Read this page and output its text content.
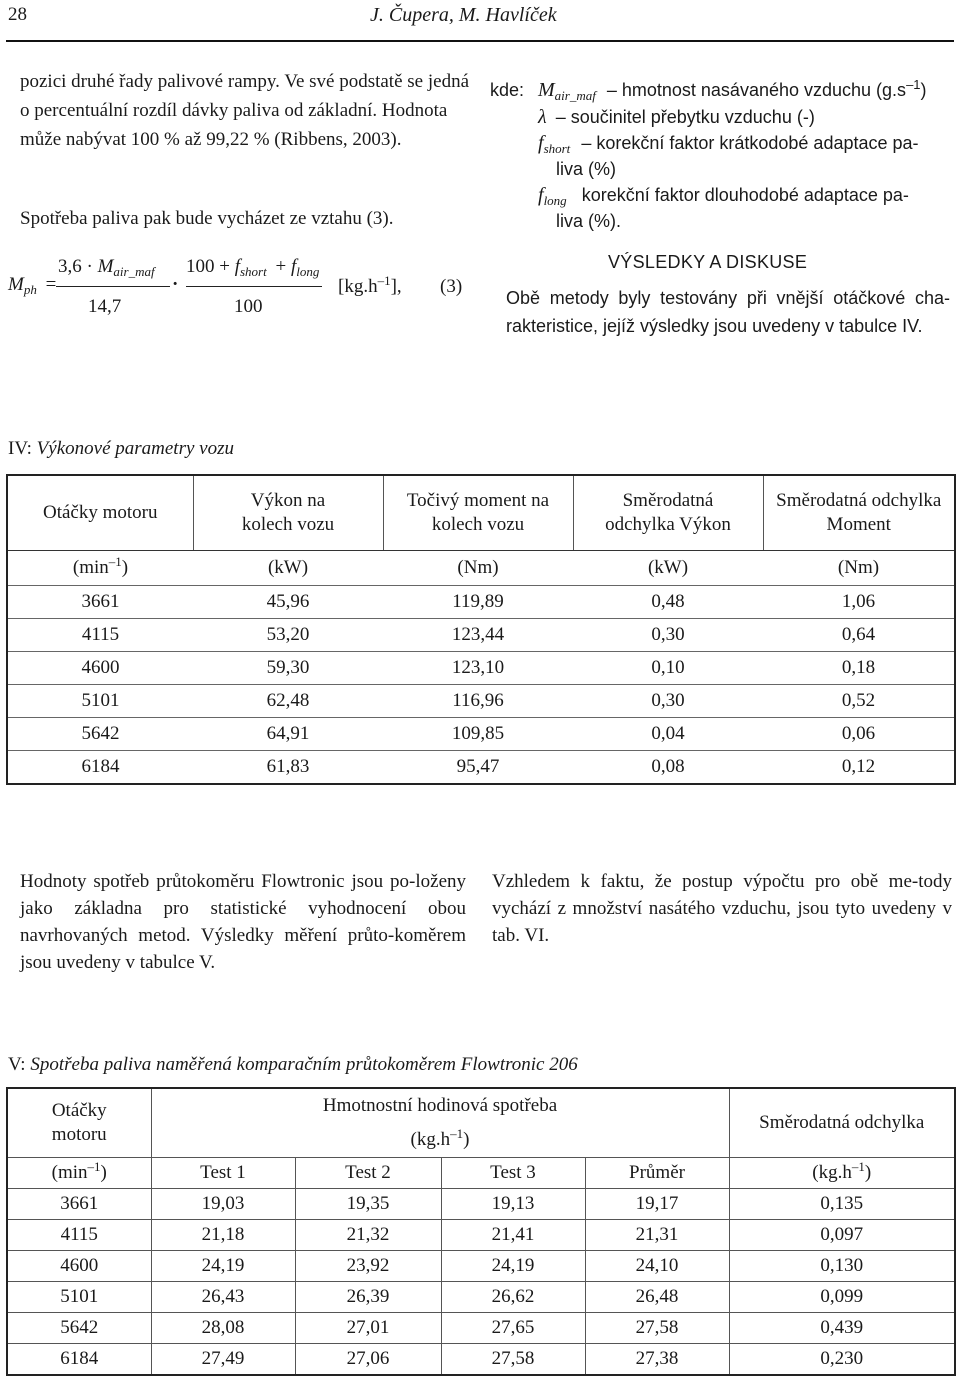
28	J. Čupera, M. Havlíček
pozici druhé řady palivové rampy. Ve své podstatě se jedná o percentuální rozdíl dávky paliva od základní. Hodnota může nabývat 100 % až 99,22 % (Ribbens, 2003).
Spotřeba paliva pak bude vycházet ze vztahu (3).
$M_{ph}$ =
$3,6 \cdot M_{air\_maf}$
14,7
·
$100 + f_{short} + f_{long}$
100
$[kg.h^{-1}]$, (3)
kde: $M_{air\_maf}$ – hmotnost nasávaného vzduchu $(g.s^{-1})$
λ – součinitel přebytku vzduchu (-)
$f_{short}$ – korekční faktor krátkodobé adaptace pa-
liva (%)
$f_{long}$ korekční faktor dlouhodobé adaptace pa-
liva (%).
VÝSLEDKY A DISKUSE
Obě metody byly testovány při vnější otáčkové cha-rakteristice, jejíž výsledky jsou uvedeny v tabulce IV.
IV: Výkonové parametry vozu
Otáčky motoru	Výkon na kolech vozu	Točivý moment na kolech vozu	Směrodatná odchylka Výkon	Směrodatná odchylka Moment
$(\min^{-1})$	(kW)	(Nm)	(kW)	(Nm)
3661	45,96	119,89	0,48	1,06
4115	53,20	123,44	0,30	0,64
4600	59,30	123,10	0,10	0,18
5101	62,48	116,96	0,30	0,52
5642	64,91	109,85	0,04	0,06
6184	61,83	95,47	0,08	0,12
Hodnoty spotřeb průtokoměru Flowtronic jsou po-loženy jako základna pro statistické vyhodnocení obou navrhovaných metod. Výsledky měření průto-koměrem jsou uvedeny v tabulce V.
Vzhledem k faktu, že postup výpočtu pro obě me-tody vychází z množství nasátého vzduchu, jsou tyto uvedeny v tab. VI.
V: Spotřeba paliva naměřená komparačním průtokoměrem Flowtronic 206
Otáčky motoru	Hmotnostní hodinová spotřeba				Směrodatná odchylka
	$(kg.h^{-1})$				
$(\min^{-1})$	Test 1	Test 2	Test 3	Průměr	$(kg.h^{-1})$
3661	19,03	19,35	19,13	19,17	0,135
4115	21,18	21,32	21,41	21,31	0,097
4600	24,19	23,92	24,19	24,10	0,130
5101	26,43	26,39	26,62	26,48	0,099
5642	28,08	27,01	27,65	27,58	0,439
6184	27,49	27,06	27,58	27,38	0,230
